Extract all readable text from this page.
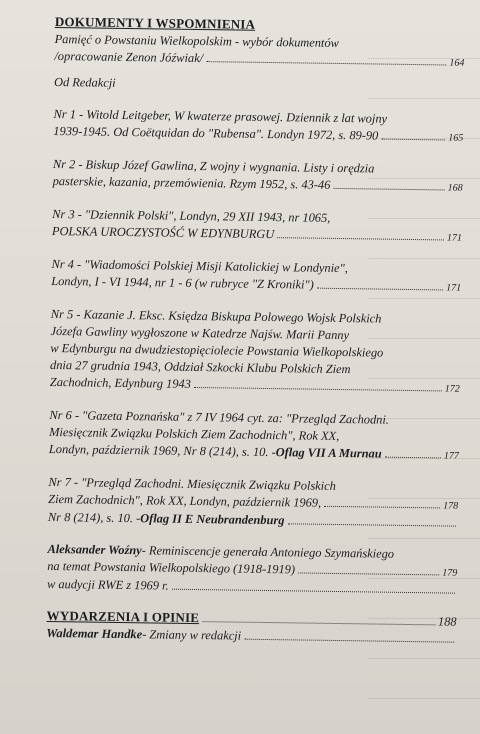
DOKUMENTY I WSPOMNIENIA
Pamięć o Powstaniu Wielkopolskim - wybór dokumentów
/opracowanie Zenon Jóźwiak/	164
Od Redakcji
Nr 1 - Witold Leitgeber, W kwaterze prasowej. Dziennik z lat wojny
1939-1945. Od Coëtquidan do "Rubensa". Londyn 1972, s. 89-90	165
Nr 2 - Biskup Józef Gawlina, Z wojny i wygnania. Listy i orędzia
pasterskie, kazania, przemówienia. Rzym 1952, s. 43-46	168
Nr 3 - "Dziennik Polski", Londyn, 29 XII 1943, nr 1065,
POLSKA UROCZYSTOŚĆ W EDYNBURGU	171
Nr 4 - "Wiadomości Polskiej Misji Katolickiej w Londynie",
Londyn, I - VI 1944, nr 1 - 6 (w rubryce "Z Kroniki")	171
Nr 5 - Kazanie J. Eksc. Księdza Biskupa Polowego Wojsk Polskich
Józefa Gawliny wygłoszone w Katedrze Najśw. Marii Panny
w Edynburgu na dwudziestopięciolecie Powstania Wielkopolskiego
dnia 27 grudnia 1943, Oddział Szkocki Klubu Polskich Ziem
Zachodnich, Edynburg 1943	172
Nr 6 - "Gazeta Poznańska" z 7 IV 1964 cyt. za: "Przegląd Zachodni.
Miesięcznik Związku Polskich Ziem Zachodnich", Rok XX,
Londyn, październik 1969, Nr 8 (214), s. 10. - Oflag VII A Murnau	177
Nr 7 - "Przegląd Zachodni. Miesięcznik Związku Polskich
Ziem Zachodnich", Rok XX, Londyn, październik 1969,	178
Nr 8 (214), s. 10. - Oflag II E Neubrandenburg
Aleksander Woźny - Reminiscencje generała Antoniego Szymańskiego
na temat Powstania Wielkopolskiego (1918-1919)	179
w audycji RWE z 1969 r.
WYDARZENIA I OPINIE	188
Waldemar Handke - Zmiany w redakcji
